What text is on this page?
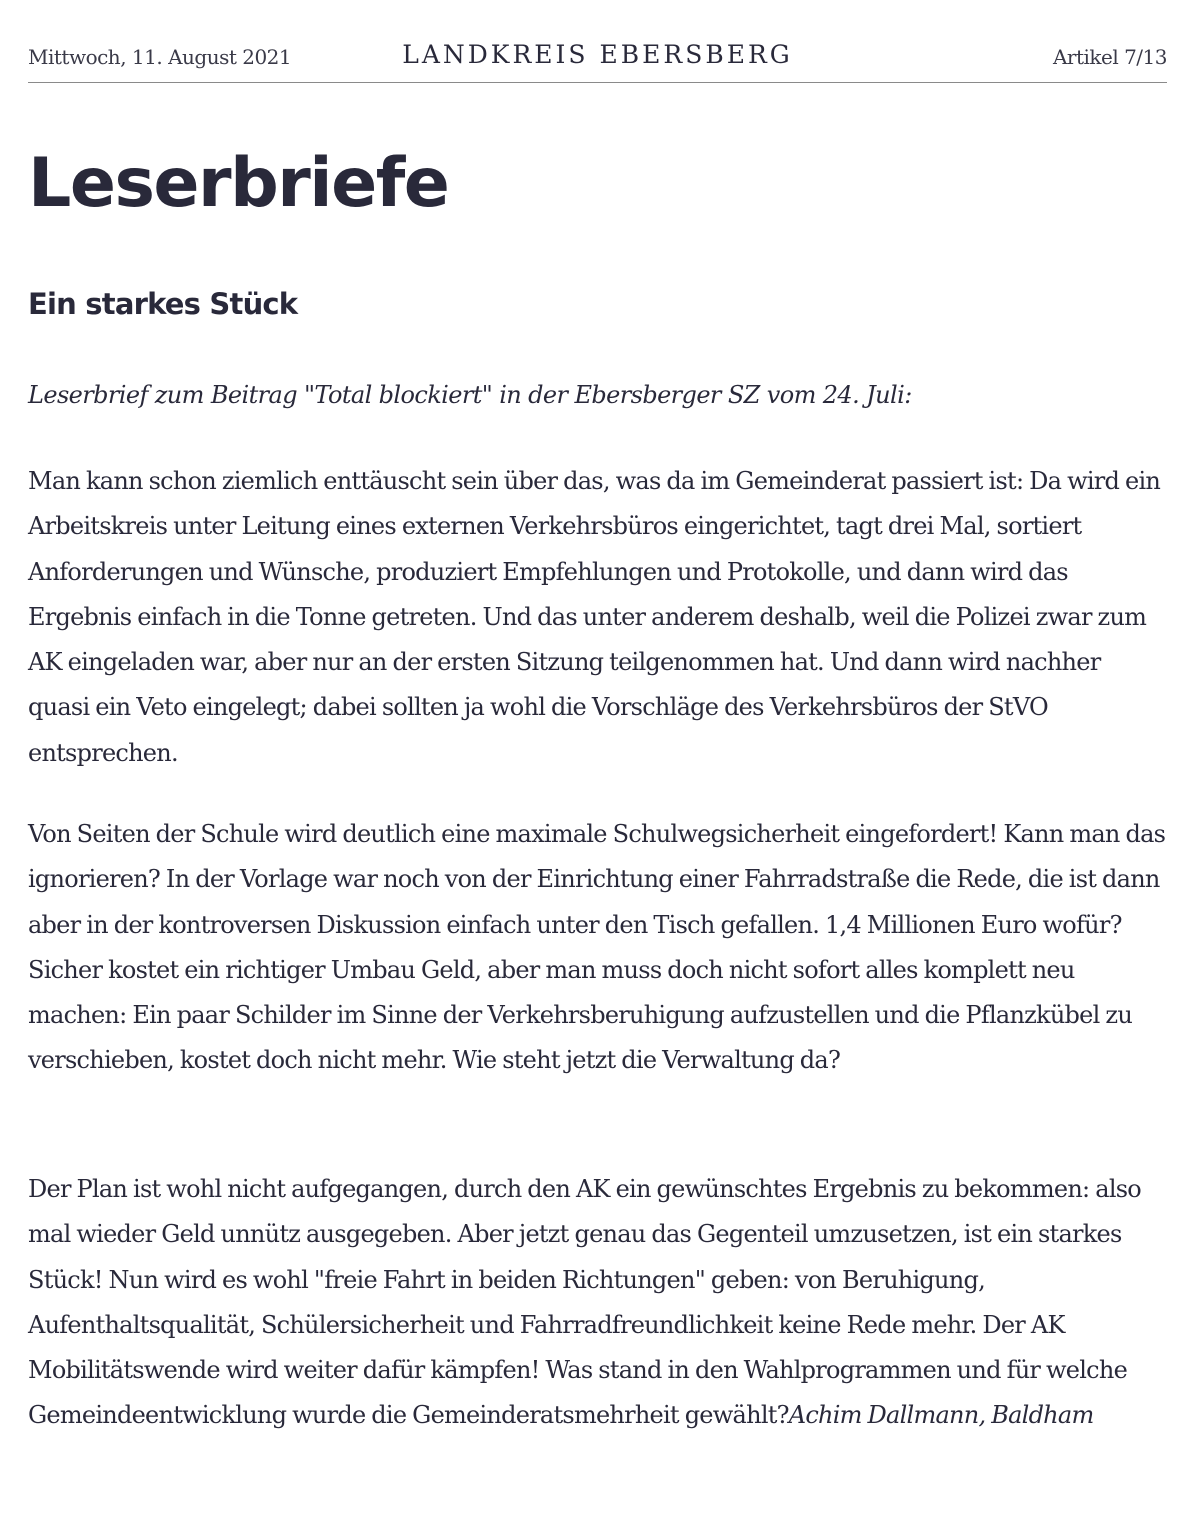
Mittwoch, 11. August 2021	LANDKREIS EBERSBERG	Artikel 7/13
Leserbriefe
Ein starkes Stück

Leserbrief zum Beitrag "Total blockiert" in der Ebersberger SZ vom 24. Juli:

Man kann schon ziemlich enttäuscht sein über das, was da im Gemeinderat passiert ist: Da wird ein Arbeitskreis unter Leitung eines externen Verkehrsbüros eingerichtet, tagt drei Mal, sortiert Anforderungen und Wünsche, produziert Empfehlungen und Protokolle, und dann wird das Ergebnis einfach in die Tonne getreten. Und das unter anderem deshalb, weil die Polizei zwar zum AK eingeladen war, aber nur an der ersten Sitzung teilgenommen hat. Und dann wird nachher quasi ein Veto eingelegt; dabei sollten ja wohl die Vorschläge des Verkehrsbüros der StVO entsprechen.

Von Seiten der Schule wird deutlich eine maximale Schulwegsicherheit eingefordert! Kann man das ignorieren? In der Vorlage war noch von der Einrichtung einer Fahrradstraße die Rede, die ist dann aber in der kontroversen Diskussion einfach unter den Tisch gefallen. 1,4 Millionen Euro wofür? Sicher kostet ein richtiger Umbau Geld, aber man muss doch nicht sofort alles komplett neu machen: Ein paar Schilder im Sinne der Verkehrsberuhigung aufzustellen und die Pflanzkübel zu verschieben, kostet doch nicht mehr. Wie steht jetzt die Verwaltung da?

Der Plan ist wohl nicht aufgegangen, durch den AK ein gewünschtes Ergebnis zu bekommen: also mal wieder Geld unnütz ausgegeben. Aber jetzt genau das Gegenteil umzusetzen, ist ein starkes Stück! Nun wird es wohl "freie Fahrt in beiden Richtungen" geben: von Beruhigung, Aufenthaltsqualität, Schülersicherheit und Fahrradfreundlichkeit keine Rede mehr. Der AK Mobilitätswende wird weiter dafür kämpfen! Was stand in den Wahlprogrammen und für welche Gemeindeentwicklung wurde die Gemeinderatsmehrheit gewählt?Achim Dallmann, Baldham
